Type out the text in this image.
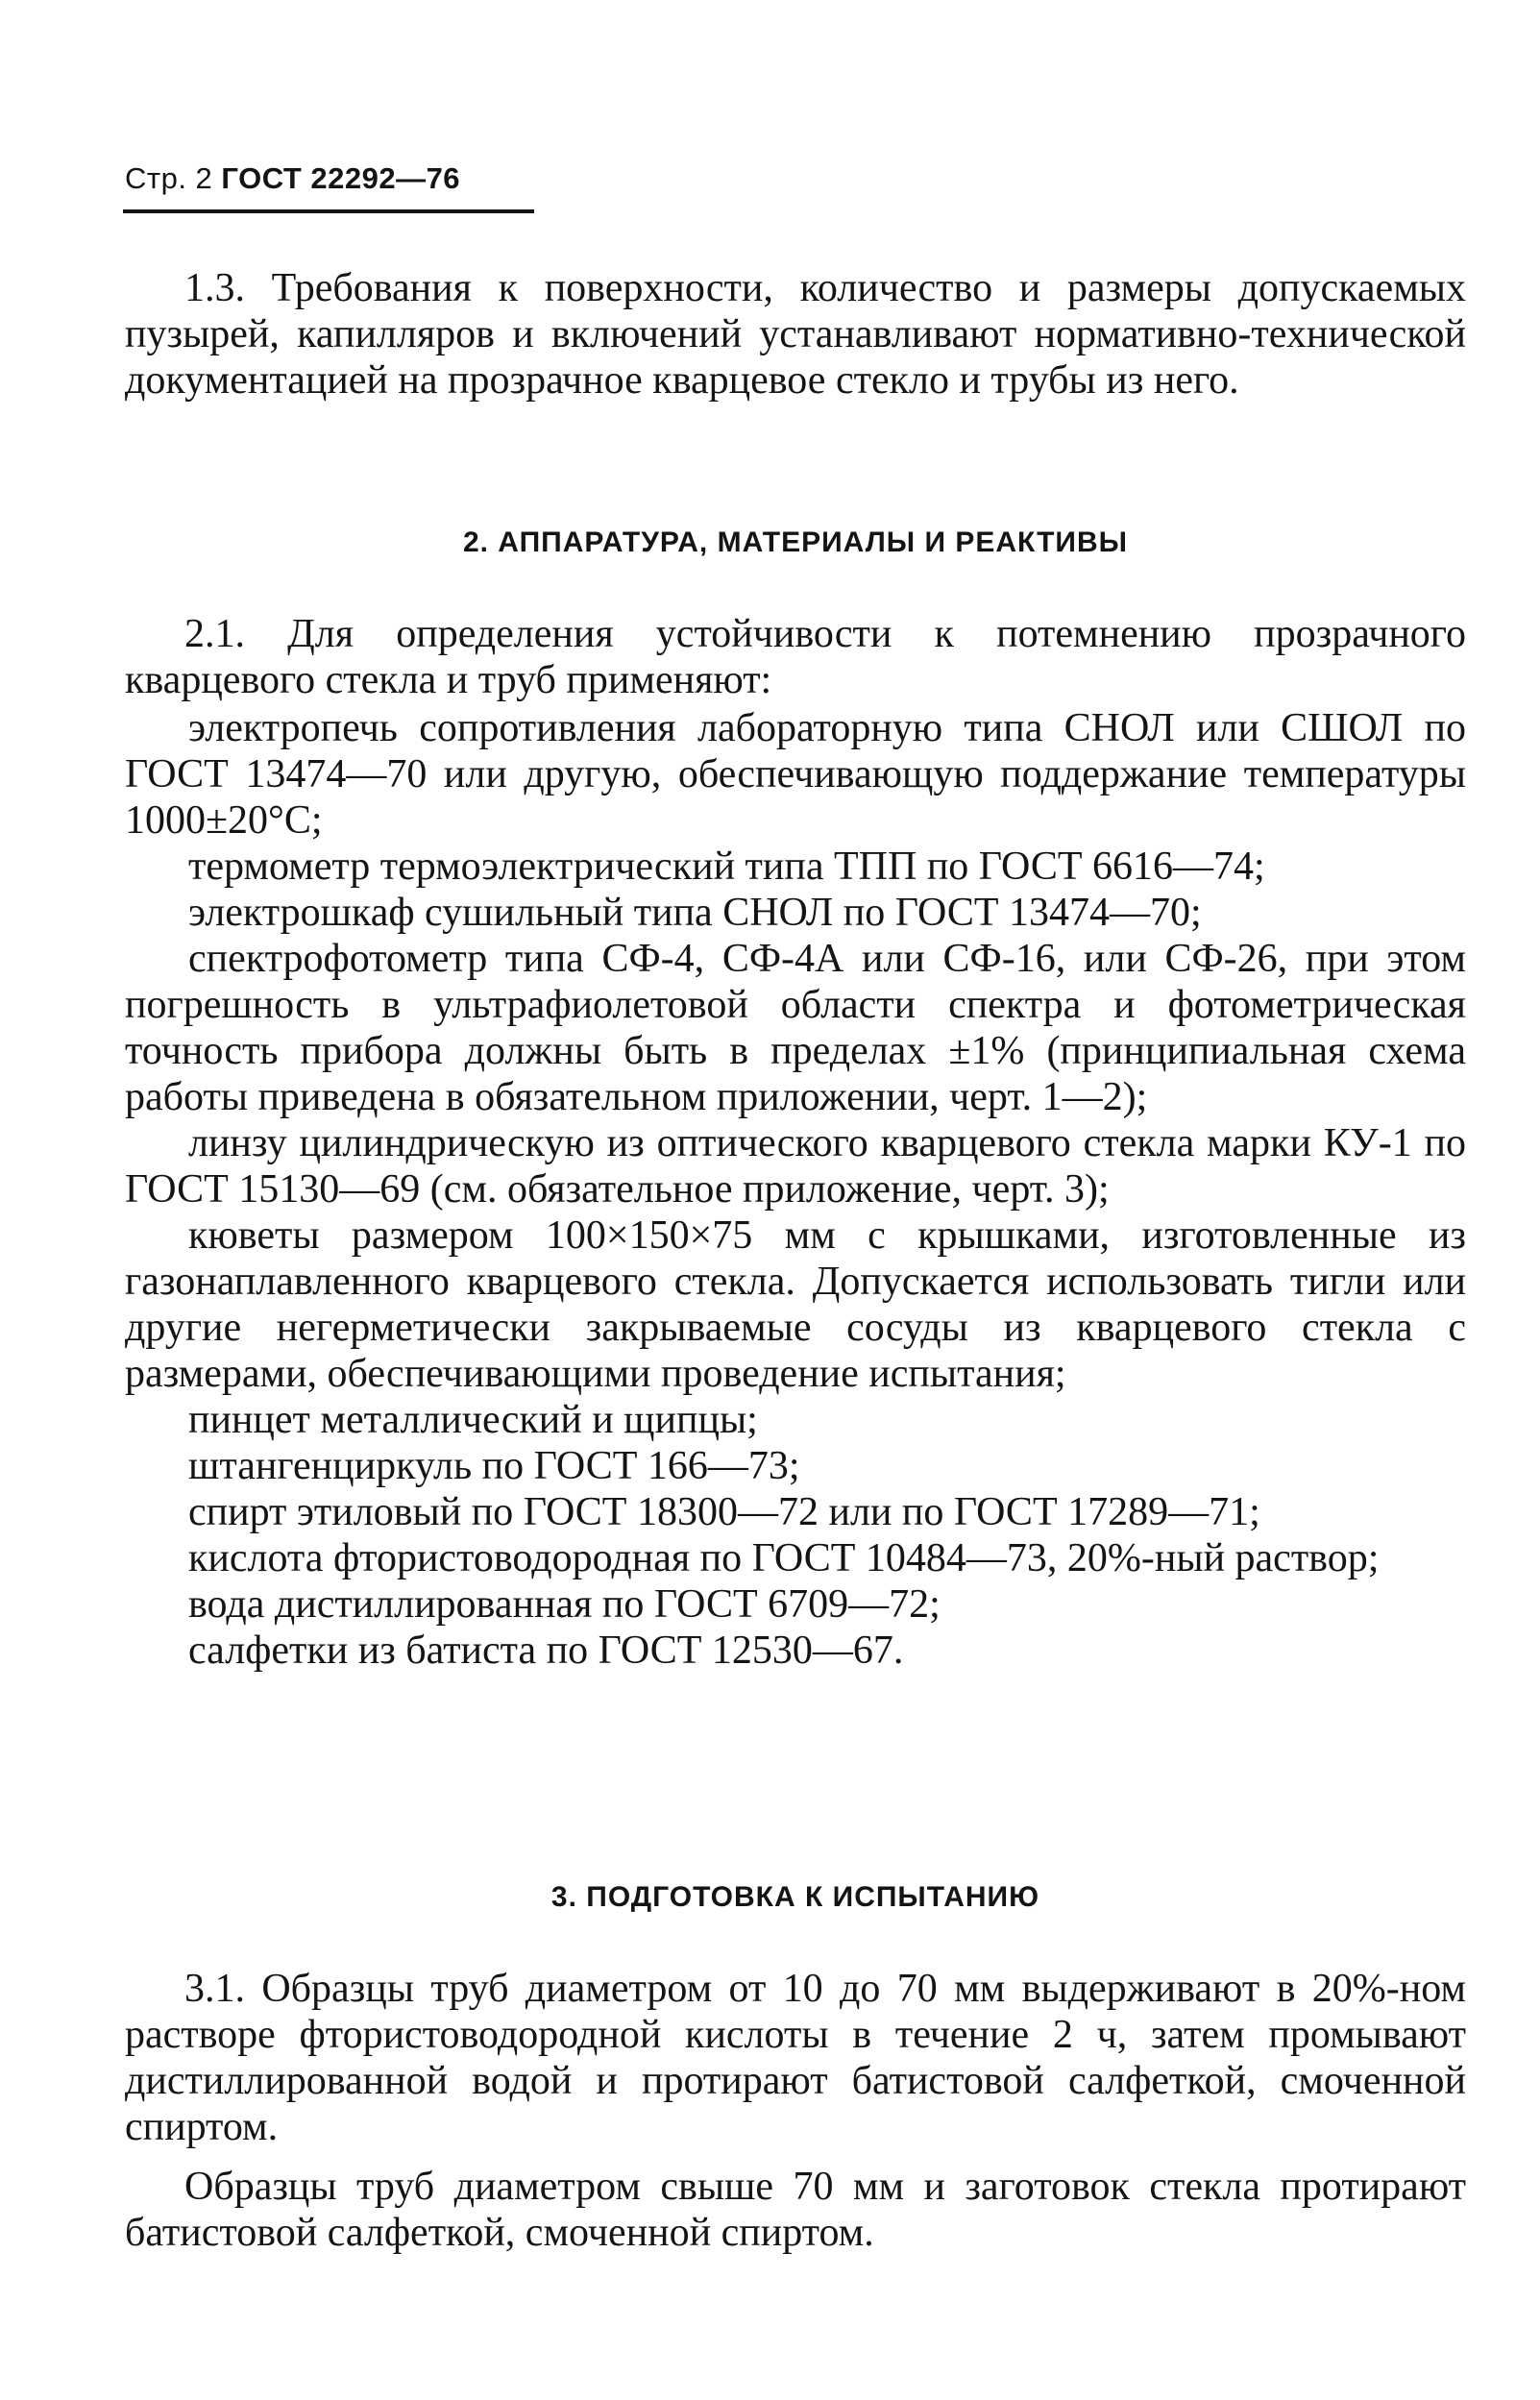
Стр. 2 ГОСТ 22292—76

1.3. Требования к поверхности, количество и размеры допускаемых пузырей, капилляров и включений устанавливают нормативно-технической документацией на прозрачное кварцевое стекло и трубы из него.

2. АППАРАТУРА, МАТЕРИАЛЫ И РЕАКТИВЫ

2.1. Для определения устойчивости к потемнению прозрачного кварцевого стекла и труб применяют:

электропечь сопротивления лабораторную типа СНОЛ или СШОЛ по ГОСТ 13474—70 или другую, обеспечивающую поддержание температуры 1000±20°С;
термометр термоэлектрический типа ТПП по ГОСТ 6616—74;
электрошкаф сушильный типа СНОЛ по ГОСТ 13474—70;
спектрофотометр типа СФ-4, СФ-4А или СФ-16, или СФ-26, при этом погрешность в ультрафиолетовой области спектра и фотометрическая точность прибора должны быть в пределах ±1% (принципиальная схема работы приведена в обязательном приложении, черт. 1—2);
линзу цилиндрическую из оптического кварцевого стекла марки КУ-1 по ГОСТ 15130—69 (см. обязательное приложение, черт. 3);
кюветы размером 100×150×75 мм с крышками, изготовленные из газонаплавленного кварцевого стекла. Допускается использовать тигли или другие негерметически закрываемые сосуды из кварцевого стекла с размерами, обеспечивающими проведение испытания;
пинцет металлический и щипцы;
штангенциркуль по ГОСТ 166—73;
спирт этиловый по ГОСТ 18300—72 или по ГОСТ 17289—71;
кислота фтористоводородная по ГОСТ 10484—73, 20%-ный раствор;
вода дистиллированная по ГОСТ 6709—72;
салфетки из батиста по ГОСТ 12530—67.
3. ПОДГОТОВКА К ИСПЫТАНИЮ

3.1. Образцы труб диаметром от 10 до 70 мм выдерживают в 20%-ном растворе фтористоводородной кислоты в течение 2 ч, затем промывают дистиллированной водой и протирают батистовой салфеткой, смоченной спиртом.

Образцы труб диаметром свыше 70 мм и заготовок стекла протирают батистовой салфеткой, смоченной спиртом.
